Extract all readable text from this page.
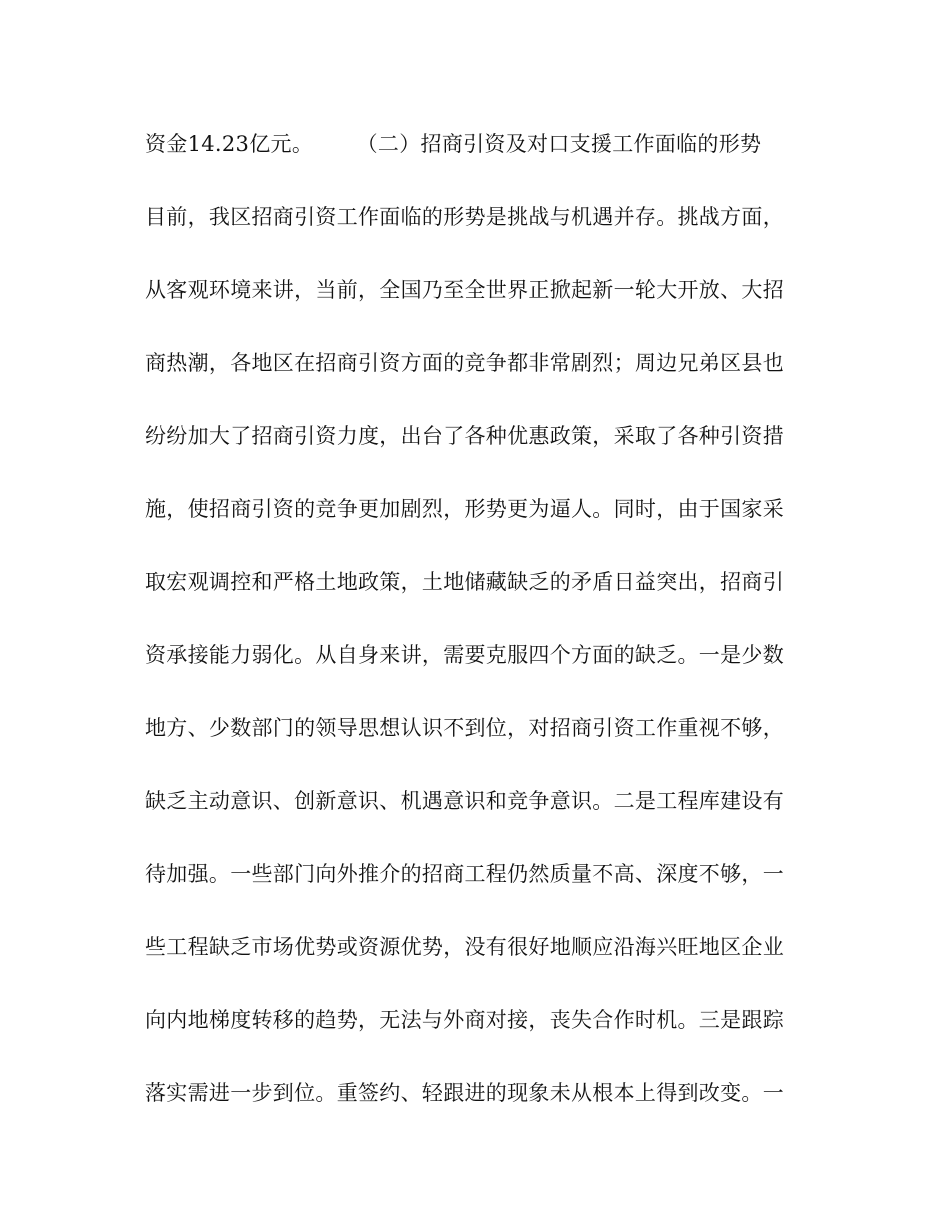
资金14.23亿元。	（二）招商引资及对口支援工作面临的形势
目前，我区招商引资工作面临的形势是挑战与机遇并存。挑战方面，
从客观环境来讲，当前，全国乃至全世界正掀起新一轮大开放、大招
商热潮，各地区在招商引资方面的竞争都非常剧烈；周边兄弟区县也
纷纷加大了招商引资力度，出台了各种优惠政策，采取了各种引资措
施，使招商引资的竞争更加剧烈，形势更为逼人。同时，由于国家采
取宏观调控和严格土地政策，土地储藏缺乏的矛盾日益突出，招商引
资承接能力弱化。从自身来讲，需要克服四个方面的缺乏。一是少数
地方、少数部门的领导思想认识不到位，对招商引资工作重视不够，
缺乏主动意识、创新意识、机遇意识和竞争意识。二是工程库建设有
待加强。一些部门向外推介的招商工程仍然质量不高、深度不够，一
些工程缺乏市场优势或资源优势，没有很好地顺应沿海兴旺地区企业
向内地梯度转移的趋势，无法与外商对接，丧失合作时机。三是跟踪
落实需进一步到位。重签约、轻跟进的现象未从根本上得到改变。一
